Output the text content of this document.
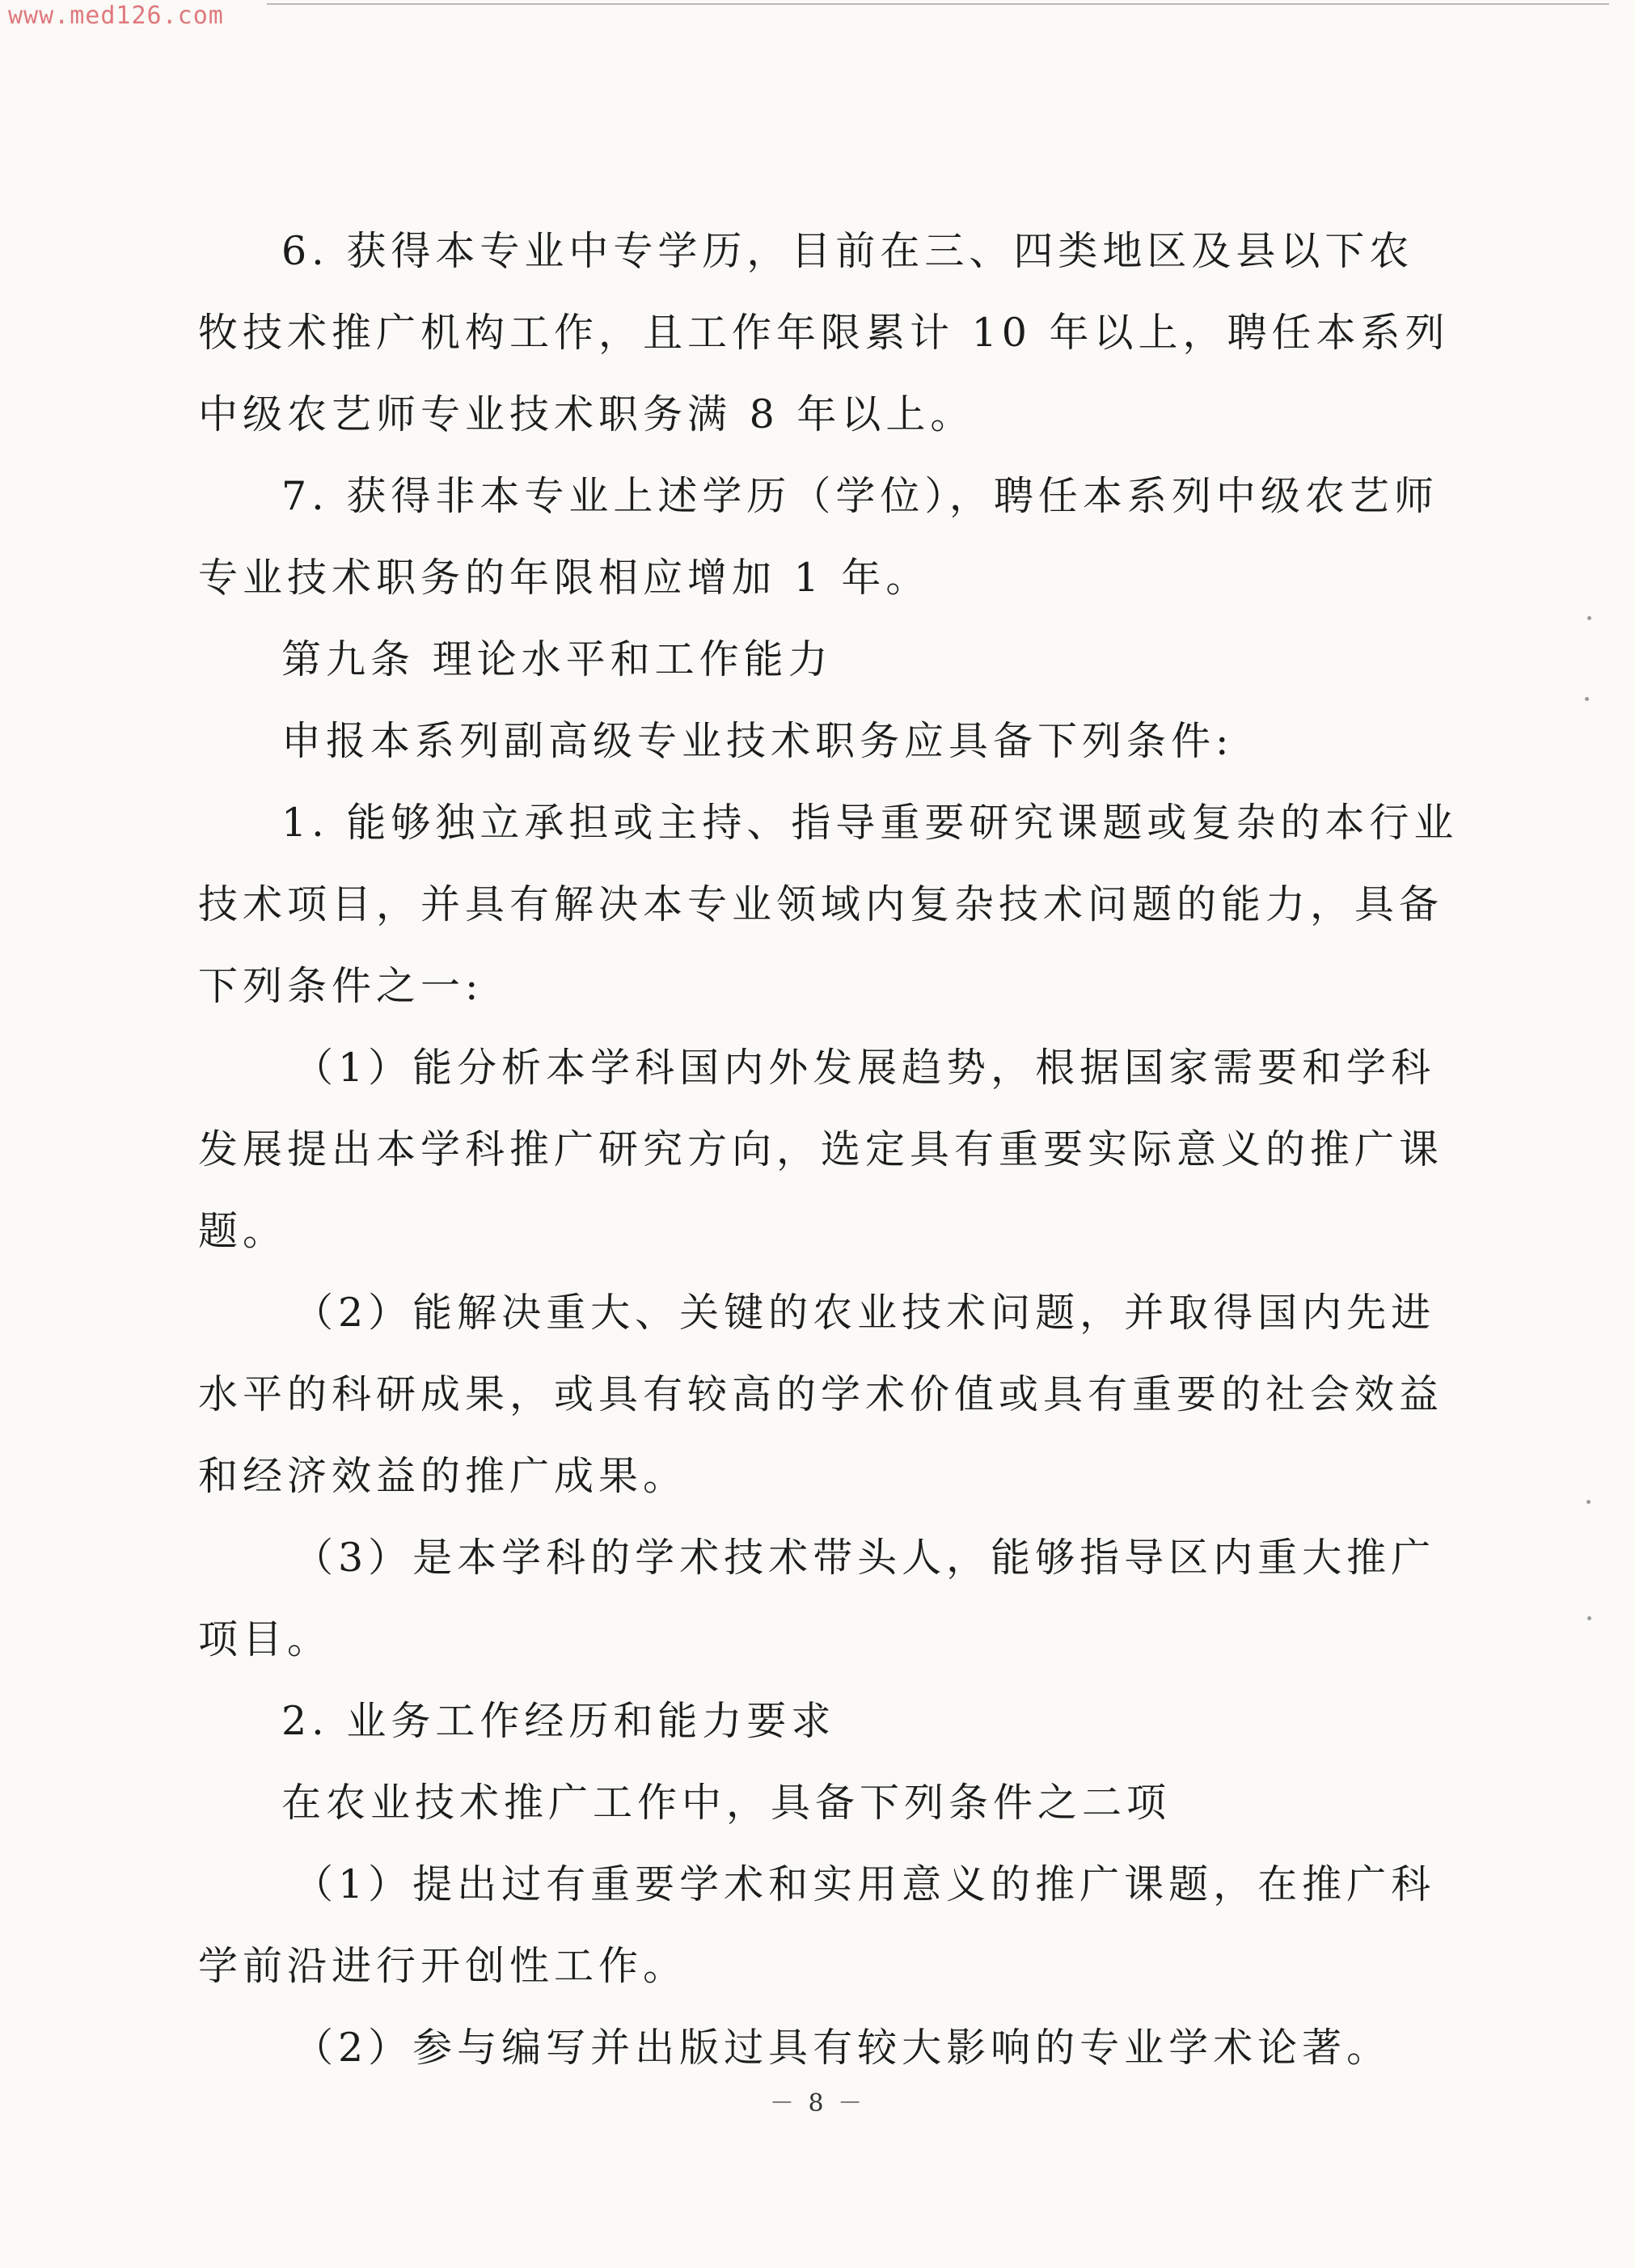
www.med126.com
6. 获得本专业中专学历，目前在三、四类地区及县以下农
牧技术推广机构工作，且工作年限累计 10 年以上，聘任本系列
中级农艺师专业技术职务满 8 年以上。
7. 获得非本专业上述学历（学位），聘任本系列中级农艺师
专业技术职务的年限相应增加 1 年。
第九条 理论水平和工作能力
申报本系列副高级专业技术职务应具备下列条件:
1. 能够独立承担或主持、指导重要研究课题或复杂的本行业
技术项目，并具有解决本专业领域内复杂技术问题的能力，具备
下列条件之一:
（1）能分析本学科国内外发展趋势，根据国家需要和学科
发展提出本学科推广研究方向，选定具有重要实际意义的推广课
题。
（2）能解决重大、关键的农业技术问题，并取得国内先进
水平的科研成果，或具有较高的学术价值或具有重要的社会效益
和经济效益的推广成果。
（3）是本学科的学术技术带头人，能够指导区内重大推广
项目。
2. 业务工作经历和能力要求
在农业技术推广工作中，具备下列条件之二项
（1）提出过有重要学术和实用意义的推广课题，在推广科
学前沿进行开创性工作。
（2）参与编写并出版过具有较大影响的专业学术论著。
－ 8 －
